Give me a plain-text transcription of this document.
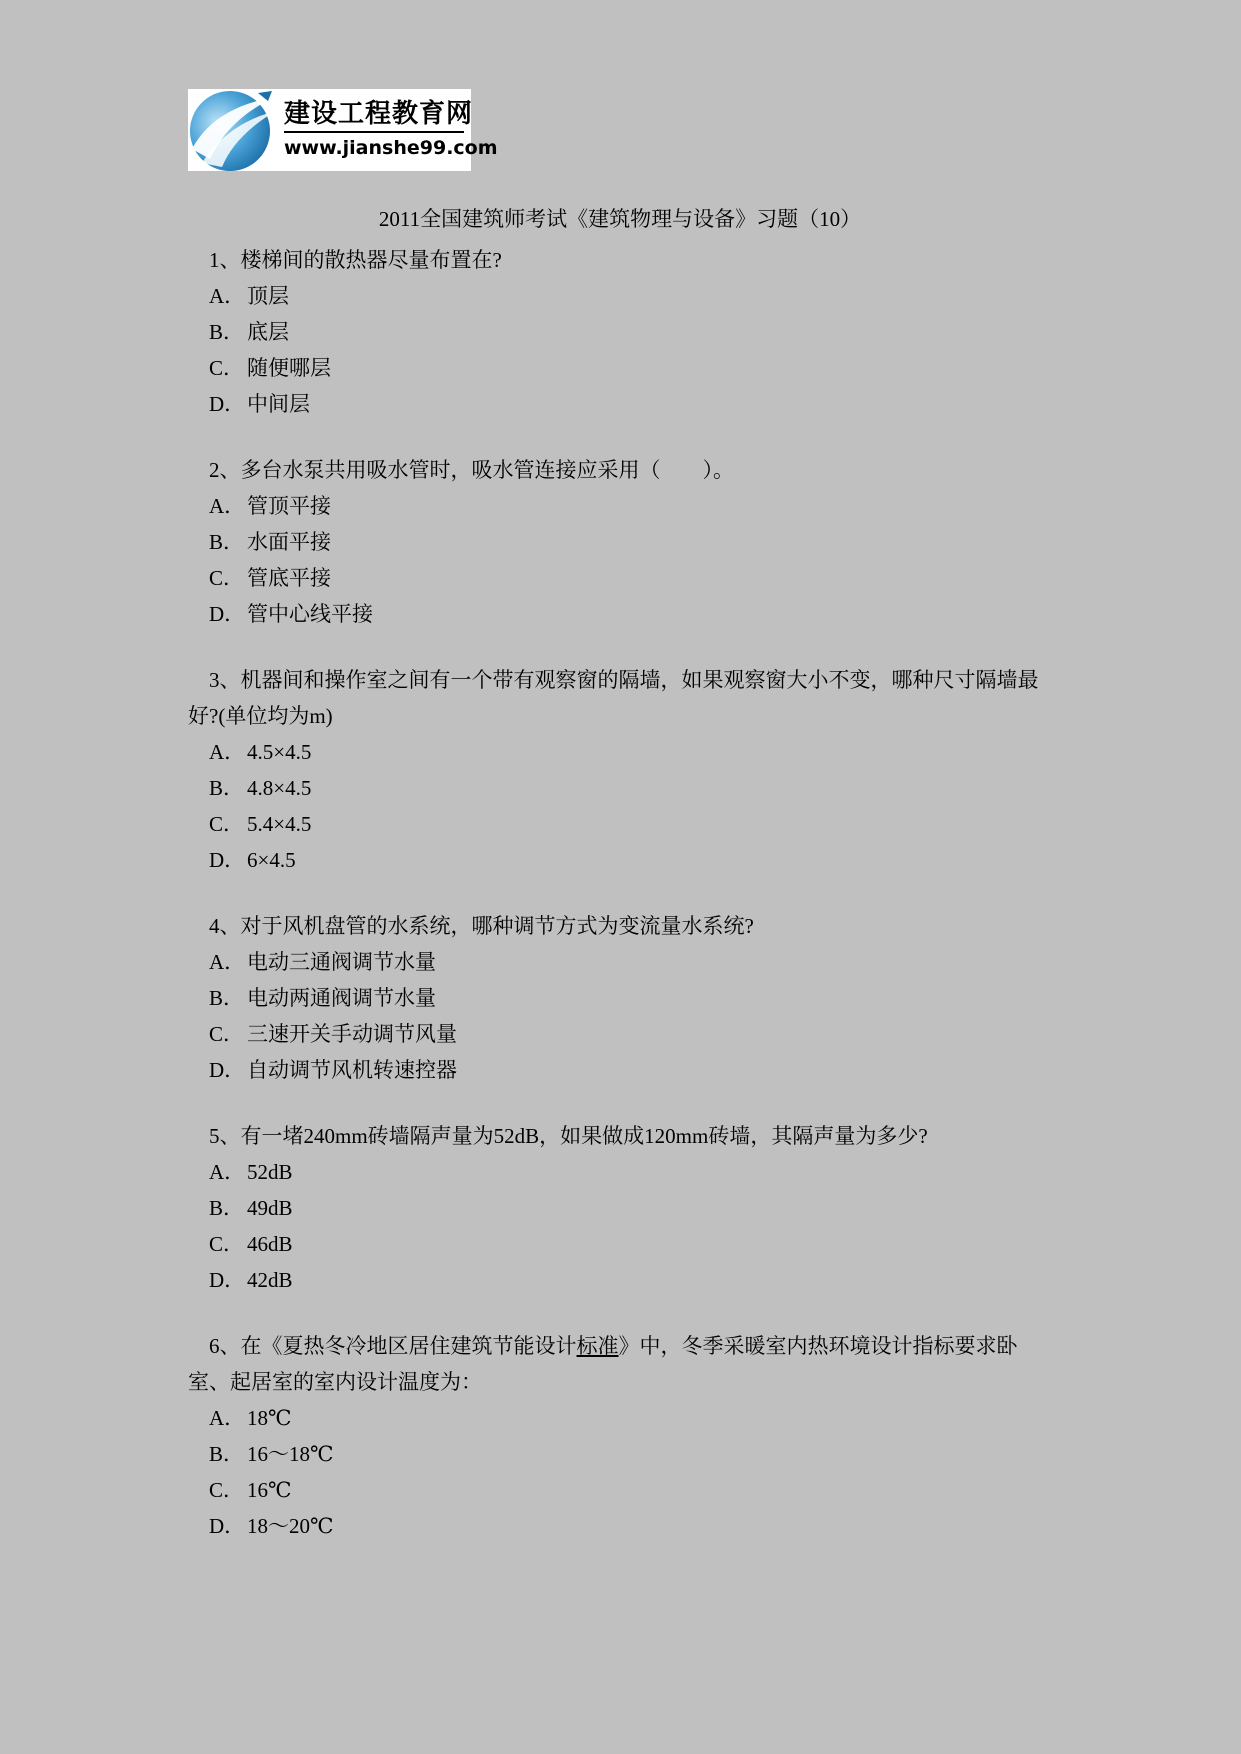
建设工程教育网
www.jianshe99.com
2011全国建筑师考试《建筑物理与设备》习题（10）

1、楼梯间的散热器尽量布置在?

A．顶层
B． 底层
C． 随便哪层
D．中间层

2、多台水泵共用吸水管时，吸水管连接应采用（　　）。

A．管顶平接
B． 水面平接
C． 管底平接
D．管中心线平接

3、机器间和操作室之间有一个带有观察窗的隔墙，如果观察窗大小不变，哪种尺寸隔墙最好?(单位均为m)

A．4.5×4.5
B． 4.8×4.5
C． 5.4×4.5
D．6×4.5

4、对于风机盘管的水系统，哪种调节方式为变流量水系统?

A．电动三通阀调节水量
B． 电动两通阀调节水量
C． 三速开关手动调节风量
D．自动调节风机转速控器

5、有一堵240mm砖墙隔声量为52dB，如果做成120mm砖墙，其隔声量为多少?

A．52dB
B． 49dB
C． 46dB
D．42dB

6、在《夏热冬冷地区居住建筑节能设计标准》中，冬季采暖室内热环境设计指标要求卧室、起居室的室内设计温度为：

A．18℃
B． 16～18℃
C． 16℃
D．18～20℃
